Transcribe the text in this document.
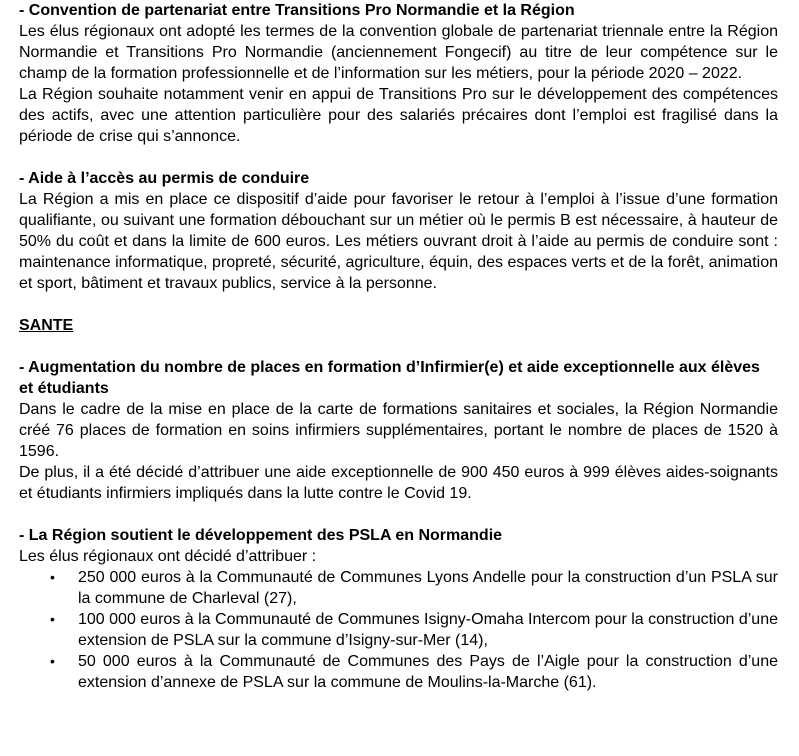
- Convention de partenariat entre Transitions Pro Normandie et la Région

Les élus régionaux ont adopté les termes de la convention globale de partenariat triennale entre la Région Normandie et Transitions Pro Normandie (anciennement Fongecif) au titre de leur compétence sur le champ de la formation professionnelle et de l’information sur les métiers, pour la période 2020 – 2022.

La Région souhaite notamment venir en appui de Transitions Pro sur le développement des compétences des actifs, avec une attention particulière pour des salariés précaires dont l’emploi est fragilisé dans la période de crise qui s’annonce.

- Aide à l’accès au permis de conduire

La Région a mis en place ce dispositif d’aide pour favoriser le retour à l’emploi à l’issue d’une formation qualifiante, ou suivant une formation débouchant sur un métier où le permis B est nécessaire, à hauteur de 50% du coût et dans la limite de 600 euros. Les métiers ouvrant droit à l’aide au permis de conduire sont : maintenance informatique, propreté, sécurité, agriculture, équin, des espaces verts et de la forêt, animation et sport, bâtiment et travaux publics, service à la personne.

SANTE

- Augmentation du nombre de places en formation d’Infirmier(e) et aide exceptionnelle aux élèves et étudiants

Dans le cadre de la mise en place de la carte de formations sanitaires et sociales, la Région Normandie créé 76 places de formation en soins infirmiers supplémentaires, portant le nombre de places de 1520 à 1596.

De plus, il a été décidé d’attribuer une aide exceptionnelle de 900 450 euros à 999 élèves aides-soignants et étudiants infirmiers impliqués dans la lutte contre le Covid 19.

- La Région soutient le développement des PSLA en Normandie

Les élus régionaux ont décidé d’attribuer :

• 250 000 euros à la Communauté de Communes Lyons Andelle pour la construction d’un PSLA sur la commune de Charleval (27),
• 100 000 euros à la Communauté de Communes Isigny-Omaha Intercom pour la construction d’une extension de PSLA sur la commune d’Isigny-sur-Mer (14),
• 50 000 euros à la Communauté de Communes des Pays de l’Aigle pour la construction d’une extension d’annexe de PSLA sur la commune de Moulins-la-Marche (61).
